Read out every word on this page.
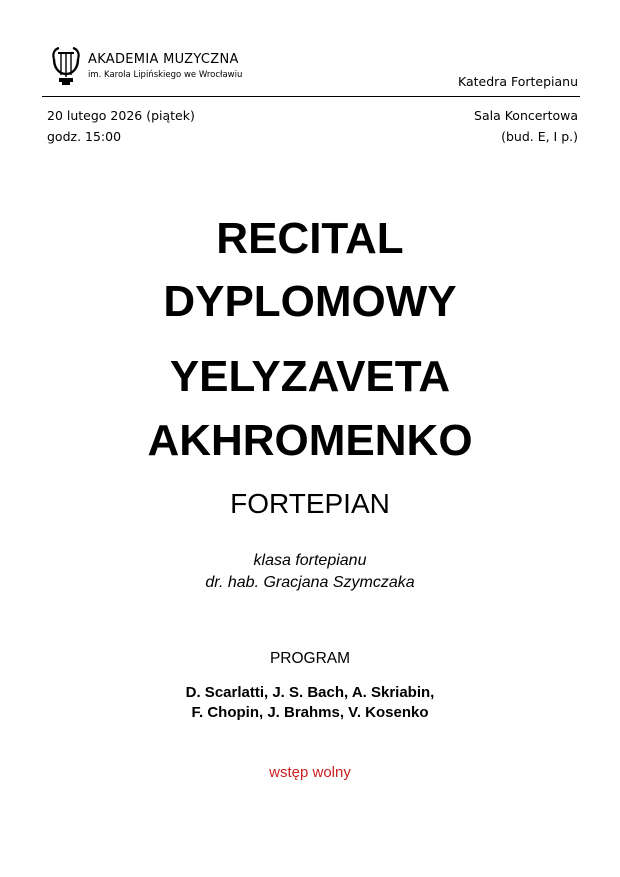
AKADEMIA MUZYCZNA
im. Karola Lipińskiego we Wrocławiu	Katedra Fortepianu
20 lutego 2026 (piątek)
godz. 15:00
Sala Koncertowa
(bud. E, I p.)
RECITAL
DYPLOMOWY
YELYZAVETA
AKHROMENKO
FORTEPIAN
klasa fortepianu
dr. hab. Gracjana Szymczaka
PROGRAM
D. Scarlatti, J. S. Bach, A. Skriabin,
F. Chopin, J. Brahms, V. Kosenko
wstęp wolny
